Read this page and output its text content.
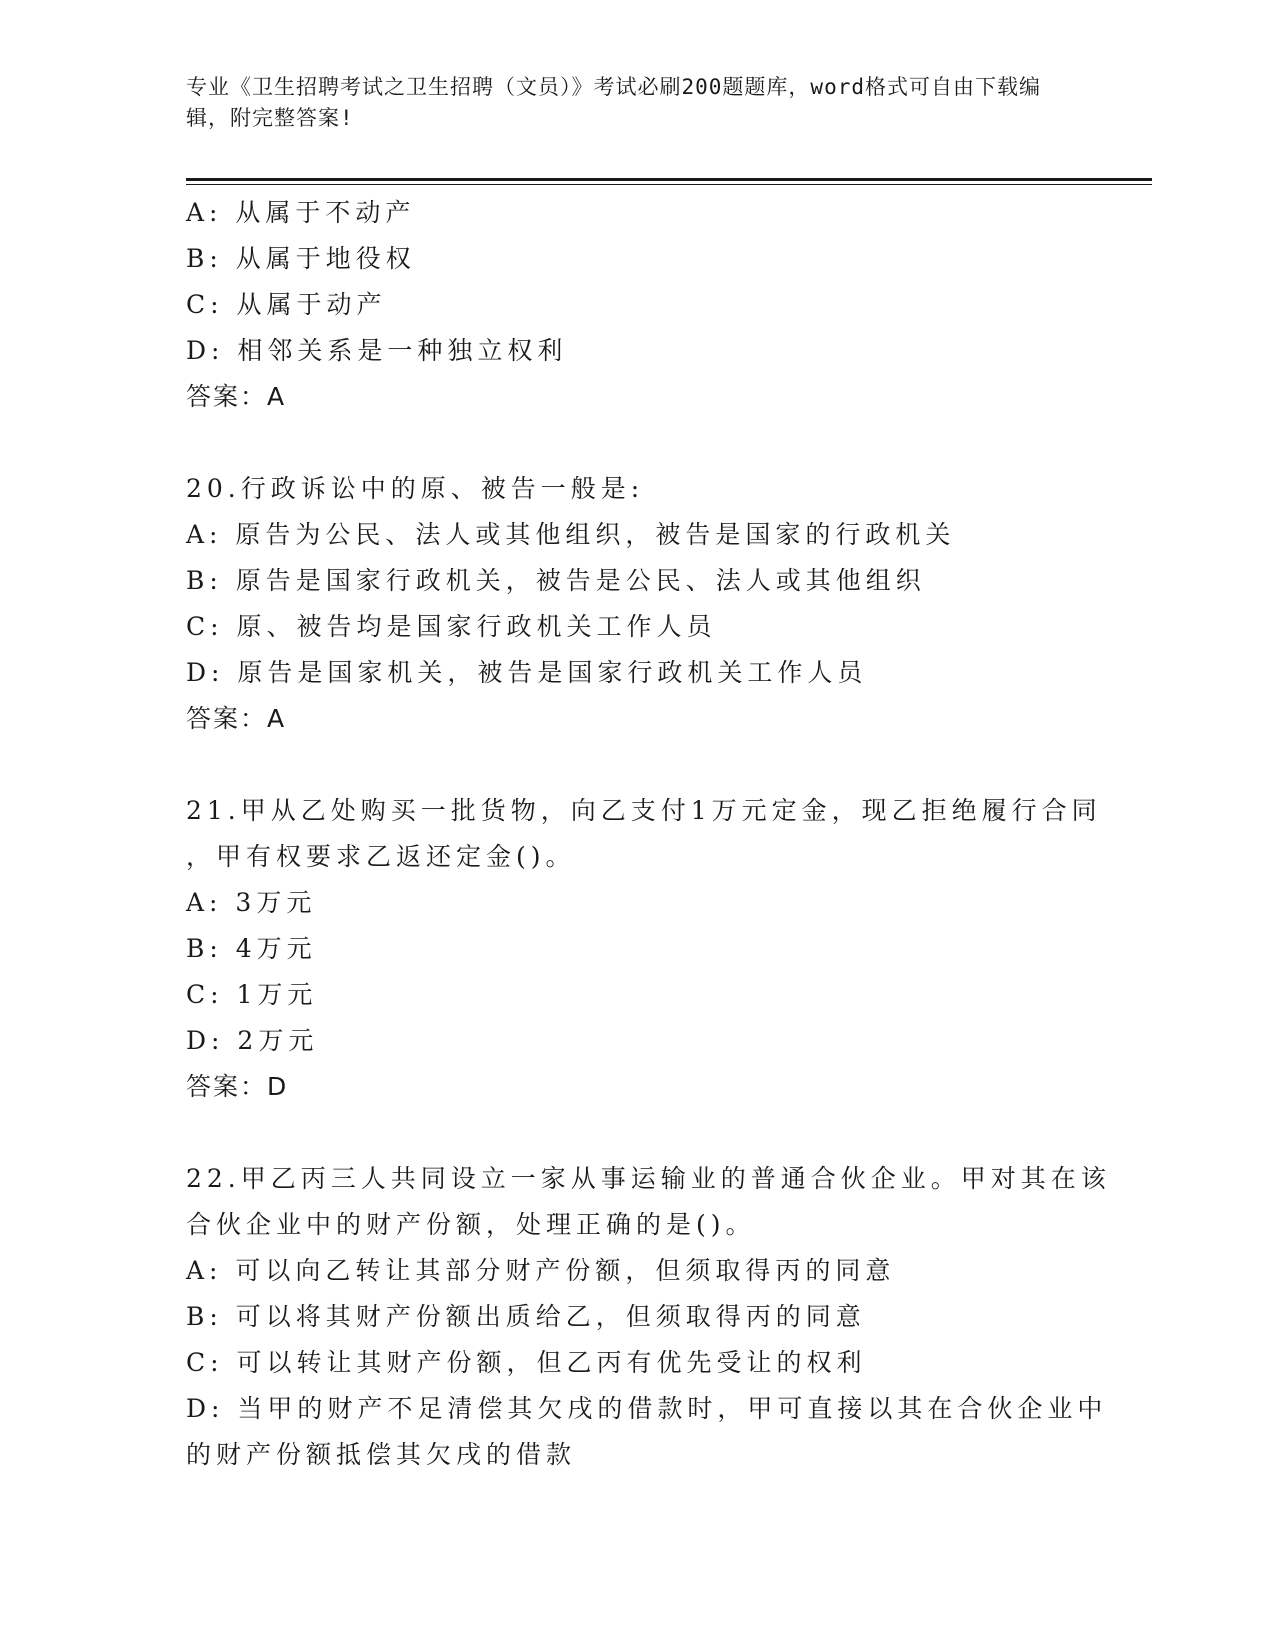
专业《卫生招聘考试之卫生招聘（文员）》考试必刷200题题库，word格式可自由下载编辑，附完整答案!
A: 从属于不动产
B: 从属于地役权
C: 从属于动产
D: 相邻关系是一种独立权利
答案：A
20.行政诉讼中的原、被告一般是:
A: 原告为公民、法人或其他组织，被告是国家的行政机关
B: 原告是国家行政机关，被告是公民、法人或其他组织
C: 原、被告均是国家行政机关工作人员
D: 原告是国家机关，被告是国家行政机关工作人员
答案：A
21.甲从乙处购买一批货物，向乙支付1万元定金，现乙拒绝履行合同
，甲有权要求乙返还定金()。
A: 3万元
B: 4万元
C: 1万元
D: 2万元
答案：D
22.甲乙丙三人共同设立一家从事运输业的普通合伙企业。甲对其在该
合伙企业中的财产份额，处理正确的是()。
A: 可以向乙转让其部分财产份额，但须取得丙的同意
B: 可以将其财产份额出质给乙，但须取得丙的同意
C: 可以转让其财产份额，但乙丙有优先受让的权利
D: 当甲的财产不足清偿其欠戌的借款时，甲可直接以其在合伙企业中
的财产份额抵偿其欠戌的借款
